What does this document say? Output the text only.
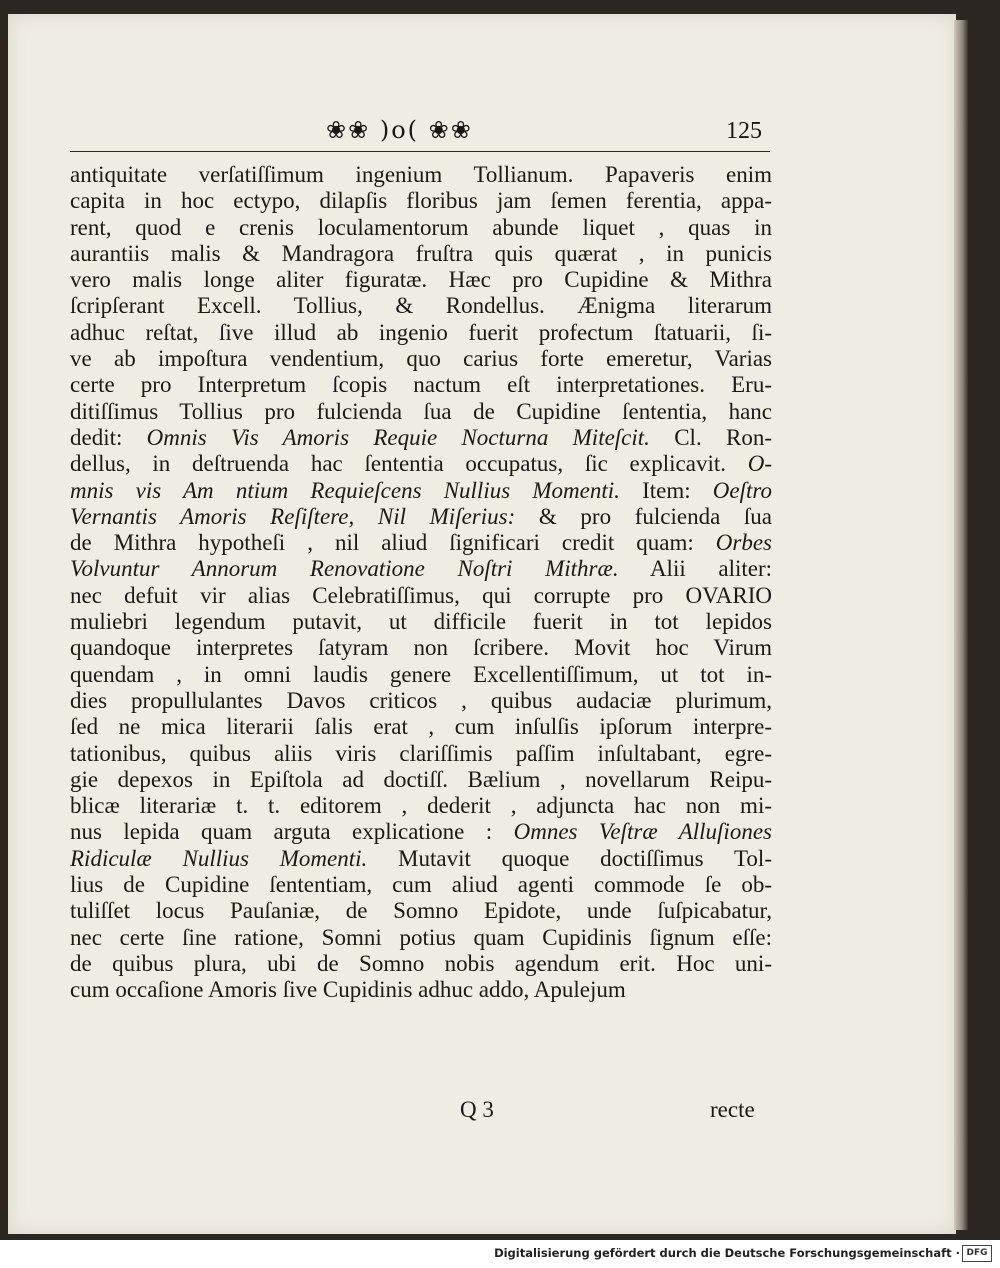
❀❀ )o( ❀❀	125
antiquitate verſatiſſimum ingenium Tollianum. Papaveris enim
capita in hoc ectypo, dilapſis floribus jam ſemen ferentia, appa-
rent, quod e crenis loculamentorum abunde liquet , quas in
aurantiis malis & Mandragora fruſtra quis quærat , in punicis
vero malis longe aliter figuratæ. Hæc pro Cupidine & Mithra
ſcripſerant Excell. Tollius, & Rondellus. Ænigma literarum
adhuc reſtat, ſive illud ab ingenio fuerit profectum ſtatuarii, ſi-
ve ab impoſtura vendentium, quo carius forte emeretur, Varias
certe pro Interpretum ſcopis nactum eſt interpretationes. Eru-
ditiſſimus Tollius pro fulcienda ſua de Cupidine ſententia, hanc
dedit: Omnis Vis Amoris Requie Nocturna Miteſcit. Cl. Ron-
dellus, in deſtruenda hac ſententia occupatus, ſic explicavit. O-
mnis vis Am ntium Requieſcens Nullius Momenti. Item: Oeſtro
Vernantis Amoris Reſiſtere, Nil Miſerius: & pro fulcienda ſua
de Mithra hypotheſi , nil aliud ſignificari credit quam: Orbes
Volvuntur Annorum Renovatione Noſtri Mithræ. Alii aliter:
nec defuit vir alias Celebratiſſimus, qui corrupte pro OVARIO
muliebri legendum putavit, ut difficile fuerit in tot lepidos
quandoque interpretes ſatyram non ſcribere. Movit hoc Virum
quendam , in omni laudis genere Excellentiſſimum, ut tot in-
dies propullulantes Davos criticos , quibus audaciæ plurimum,
ſed ne mica literarii ſalis erat , cum inſulſis ipſorum interpre-
tationibus, quibus aliis viris clariſſimis paſſim inſultabant, egre-
gie depexos in Epiſtola ad doctiſſ. Bælium , novellarum Reipu-
blicæ literariæ t. t. editorem , dederit , adjuncta hac non mi-
nus lepida quam arguta explicatione : Omnes Veſtræ Alluſiones
Ridiculæ Nullius Momenti. Mutavit quoque doctiſſimus Tol-
lius de Cupidine ſententiam, cum aliud agenti commode ſe ob-
tuliſſet locus Pauſaniæ, de Somno Epidote, unde ſuſpicabatur,
nec certe ſine ratione, Somni potius quam Cupidinis ſignum eſſe:
de quibus plura, ubi de Somno nobis agendum erit. Hoc uni-
cum occaſione Amoris ſive Cupidinis adhuc addo, Apulejum
Q 3	recte
Digitalisierung gefördert durch die Deutsche Forschungsgemeinschaft · DFG
